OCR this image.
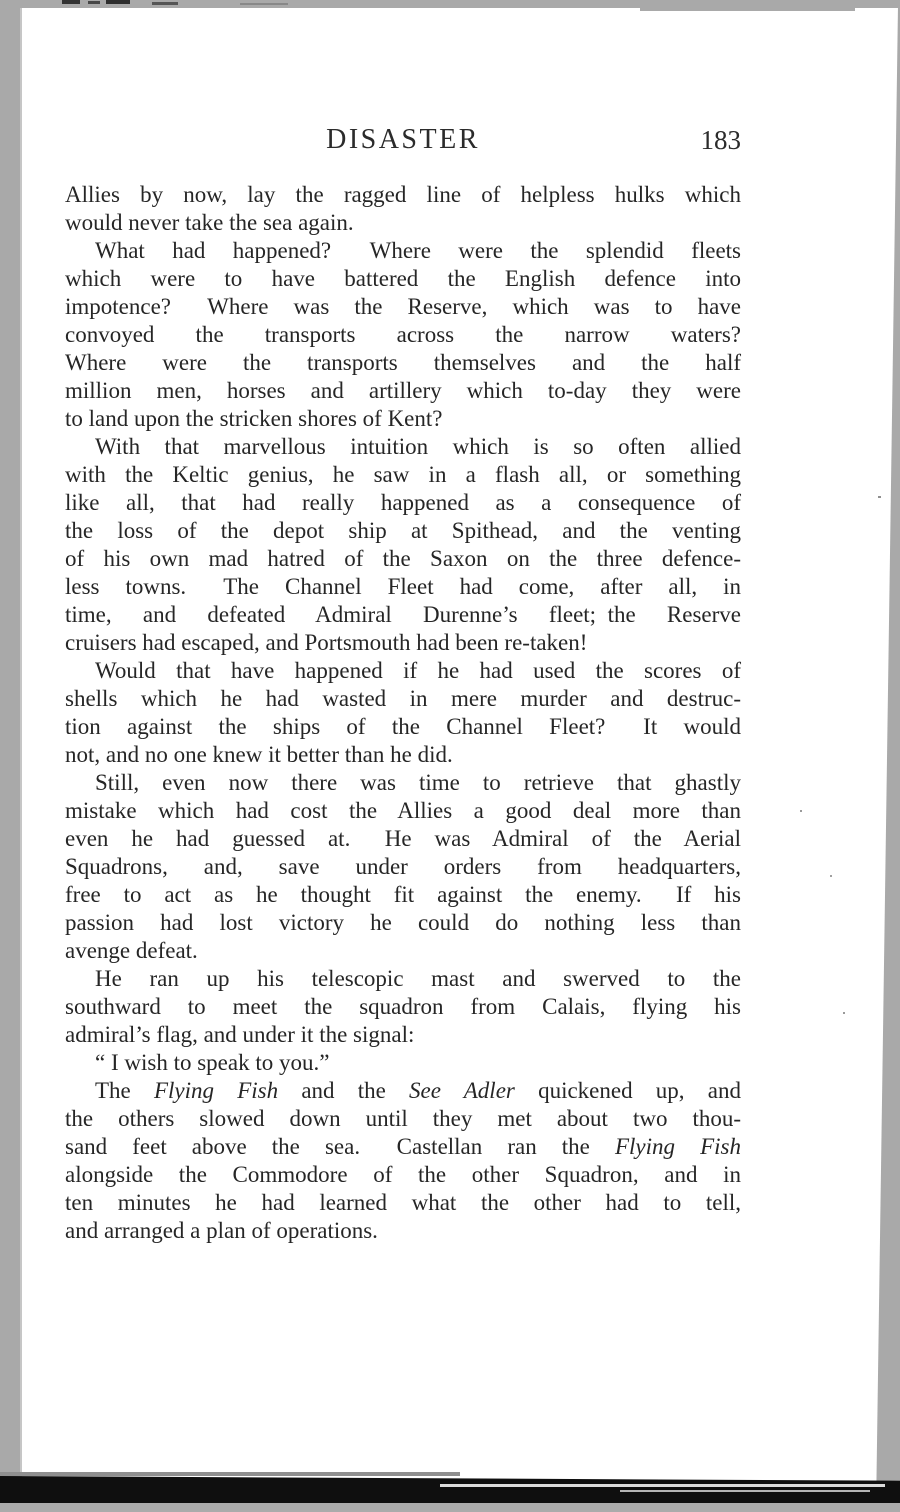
DISASTER	183
Allies by now, lay the ragged line of helpless hulks which
would never take the sea again.
What had happened?  Where were the splendid fleets
which were to have battered the English defence into
impotence?  Where was the Reserve, which was to have
convoyed the transports across the narrow waters?
Where were the transports themselves and the half
million men, horses and artillery which to-day they were
to land upon the stricken shores of Kent?
With that marvellous intuition which is so often allied
with the Keltic genius, he saw in a flash all, or something
like all, that had really happened as a consequence of
the loss of the depot ship at Spithead, and the venting
of his own mad hatred of the Saxon on the three defence-
less towns.  The Channel Fleet had come, after all, in
time, and defeated Admiral Durenne’s fleet; the Reserve
cruisers had escaped, and Portsmouth had been re-taken!
Would that have happened if he had used the scores of
shells which he had wasted in mere murder and destruc-
tion against the ships of the Channel Fleet?  It would
not, and no one knew it better than he did.
Still, even now there was time to retrieve that ghastly
mistake which had cost the Allies a good deal more than
even he had guessed at.  He was Admiral of the Aerial
Squadrons, and, save under orders from headquarters,
free to act as he thought fit against the enemy.  If his
passion had lost victory he could do nothing less than
avenge defeat.
He ran up his telescopic mast and swerved to the
southward to meet the squadron from Calais, flying his
admiral’s flag, and under it the signal:
“ I wish to speak to you.”
The Flying Fish and the See Adler quickened up, and
the others slowed down until they met about two thou-
sand feet above the sea.  Castellan ran the Flying Fish
alongside the Commodore of the other Squadron, and in
ten minutes he had learned what the other had to tell,
and arranged a plan of operations.
